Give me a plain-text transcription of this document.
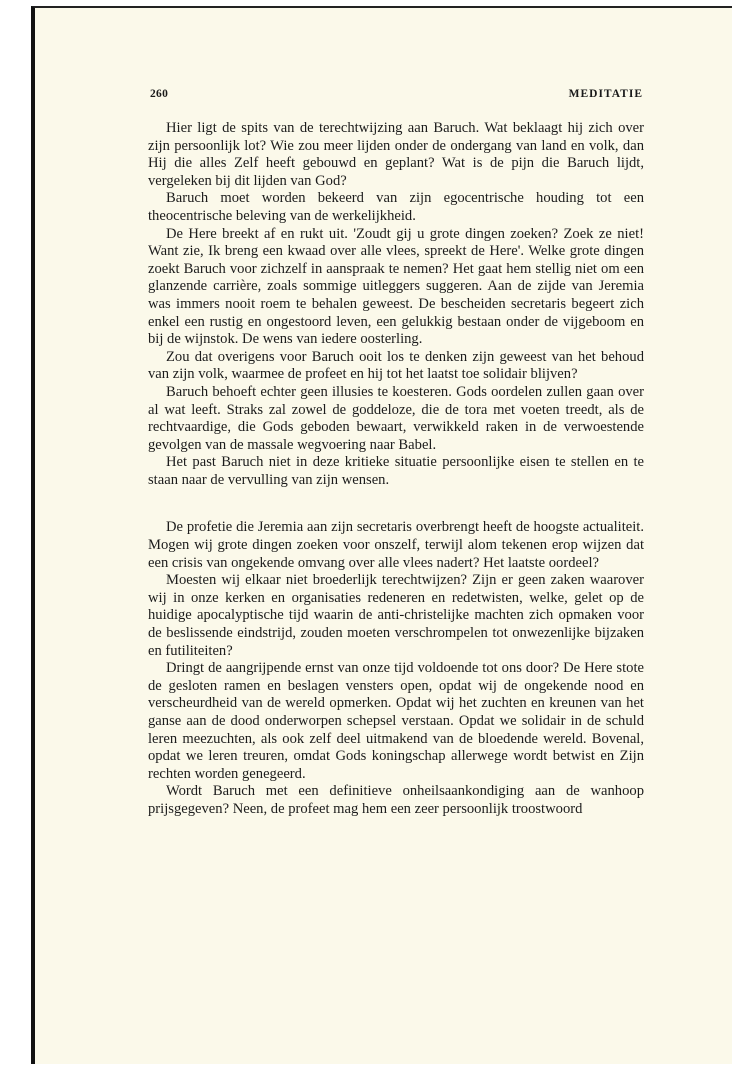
260	MEDITATIE

Hier ligt de spits van de terechtwijzing aan Baruch. Wat beklaagt hij zich over zijn persoonlijk lot? Wie zou meer lijden onder de ondergang van land en volk, dan Hij die alles Zelf heeft gebouwd en geplant? Wat is de pijn die Baruch lijdt, vergeleken bij dit lijden van God?

Baruch moet worden bekeerd van zijn egocentrische houding tot een theocentrische beleving van de werkelijkheid.

De Here breekt af en rukt uit. 'Zoudt gij u grote dingen zoeken? Zoek ze niet! Want zie, Ik breng een kwaad over alle vlees, spreekt de Here'. Welke grote dingen zoekt Baruch voor zichzelf in aanspraak te nemen? Het gaat hem stellig niet om een glanzende carrière, zoals sommige uitleggers suggeren. Aan de zijde van Jeremia was immers nooit roem te behalen geweest. De bescheiden secretaris begeert zich enkel een rustig en ongestoord leven, een gelukkig bestaan onder de vijgeboom en bij de wijnstok. De wens van iedere oosterling.

Zou dat overigens voor Baruch ooit los te denken zijn geweest van het behoud van zijn volk, waarmee de profeet en hij tot het laatst toe solidair blijven?

Baruch behoeft echter geen illusies te koesteren. Gods oordelen zullen gaan over al wat leeft. Straks zal zowel de goddeloze, die de tora met voeten treedt, als de rechtvaardige, die Gods geboden bewaart, verwikkeld raken in de verwoestende gevolgen van de massale wegvoering naar Babel.

Het past Baruch niet in deze kritieke situatie persoonlijke eisen te stellen en te staan naar de vervulling van zijn wensen.

De profetie die Jeremia aan zijn secretaris overbrengt heeft de hoogste actualiteit. Mogen wij grote dingen zoeken voor onszelf, terwijl alom tekenen erop wijzen dat een crisis van ongekende omvang over alle vlees nadert? Het laatste oordeel?

Moesten wij elkaar niet broederlijk terechtwijzen? Zijn er geen zaken waarover wij in onze kerken en organisaties redeneren en redetwisten, welke, gelet op de huidige apocalyptische tijd waarin de anti-christelijke machten zich opmaken voor de beslissende eindstrijd, zouden moeten verschrompelen tot onwezenlijke bijzaken en futiliteiten?

Dringt de aangrijpende ernst van onze tijd voldoende tot ons door? De Here stote de gesloten ramen en beslagen vensters open, opdat wij de ongekende nood en verscheurdheid van de wereld opmerken. Opdat wij het zuchten en kreunen van het ganse aan de dood onderworpen schepsel verstaan. Opdat we solidair in de schuld leren meezuchten, als ook zelf deel uitmakend van de bloedende wereld. Bovenal, opdat we leren treuren, omdat Gods koningschap allerwege wordt betwist en Zijn rechten worden genegeerd.

Wordt Baruch met een definitieve onheilsaankondiging aan de wanhoop prijsgegeven? Neen, de profeet mag hem een zeer persoonlijk troostwoord
